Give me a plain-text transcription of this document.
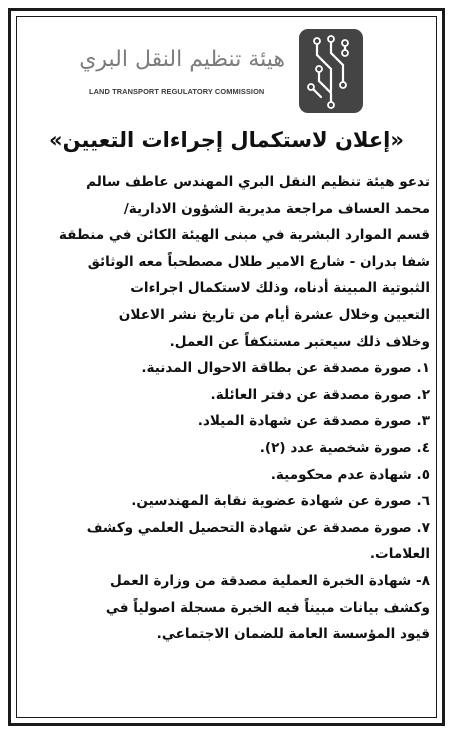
هيئة تنظيم النقل البري
LAND TRANSPORT REGULATORY COMMISSION
«إعلان لاستكمال إجراءات التعيين»
تدعو هيئة تنظيم النقل البري المهندس عاطف سالم
محمد العساف مراجعة مديرية الشؤون الادارية/
قسم الموارد البشرية في مبنى الهيئة الكائن في منطقة
شفا بدران - شارع الامير طلال مصطحباً معه الوثائق
الثبوتية المبينة أدناه، وذلك لاستكمال اجراءات
التعيين وخلال عشرة أيام من تاريخ نشر الاعلان
وخلاف ذلك سيعتبر مستنكفاً عن العمل.
١. صورة مصدقة عن بطاقة الاحوال المدنية.
٢. صورة مصدقة عن دفتر العائلة.
٣. صورة مصدقة عن شهادة الميلاد.
٤. صورة شخصية عدد (٢).
٥. شهادة عدم محكومية.
٦. صورة عن شهادة عضوية نقابة المهندسين.
٧. صورة مصدقة عن شهادة التحصيل العلمي وكشف
العلامات.
٨- شهادة الخبرة العملية مصدقة من وزارة العمل
وكشف بيانات مبيناً فيه الخبرة مسجلة اصولياً في
قيود المؤسسة العامة للضمان الاجتماعي.
